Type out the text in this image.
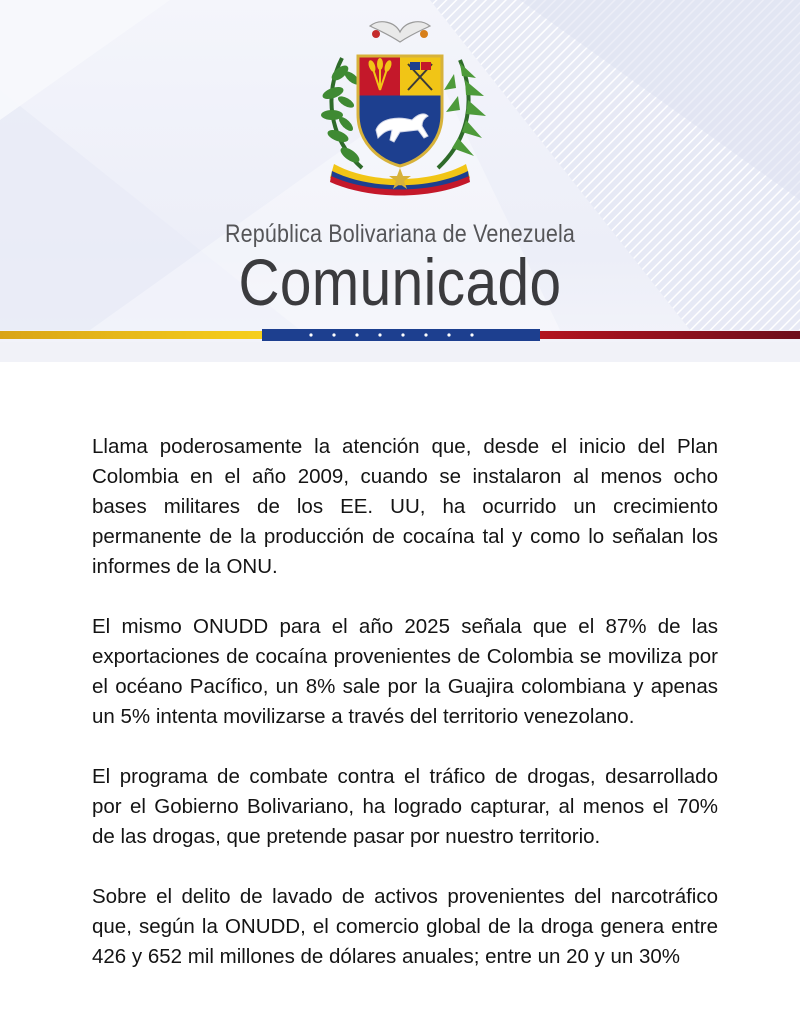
República Bolivariana de Venezuela
Comunicado

Llama poderosamente la atención que, desde el inicio del Plan Colombia en el año 2009, cuando se instalaron al menos ocho bases militares de los EE. UU, ha ocurrido un crecimiento permanente de la producción de cocaína tal y como lo señalan los informes de la ONU.

El mismo ONUDD para el año 2025 señala que el 87% de las exportaciones de cocaína provenientes de Colombia se moviliza por el océano Pacífico, un 8% sale por la Guajira colombiana y apenas un 5% intenta movilizarse a través del territorio venezolano.

El programa de combate contra el tráfico de drogas, desarrollado por el Gobierno Bolivariano, ha logrado capturar, al menos el 70% de las drogas, que pretende pasar por nuestro territorio.

Sobre el delito de lavado de activos provenientes del narcotráfico que, según la ONUDD, el comercio global de la droga genera entre 426 y 652 mil millones de dólares anuales; entre un 20 y un 30%
